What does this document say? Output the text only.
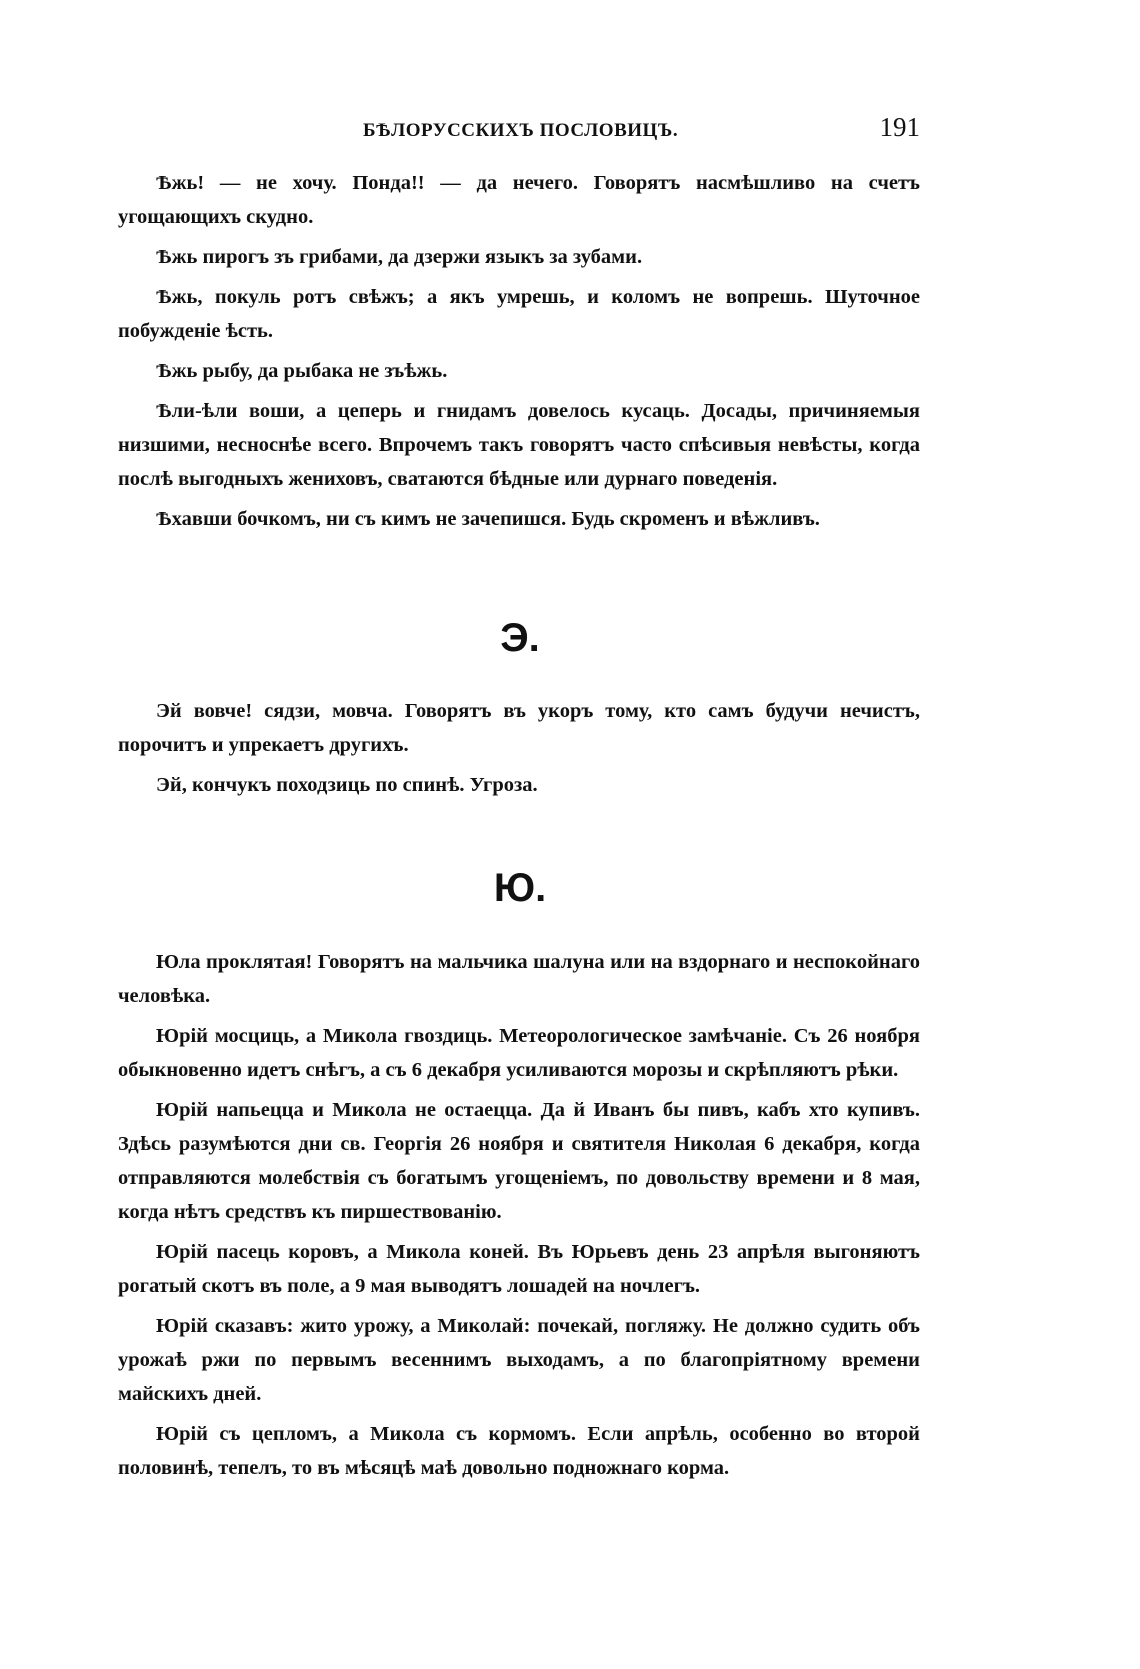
БѢЛОРУССКИХЪ ПОСЛОВИЦЪ.	191

Ѣжь! — не хочу. Понда!! — да нечего. Говорятъ насмѣшливо на счетъ угощающихъ скудно.

Ѣжь пирогъ зъ грибами, да дзержи языкъ за зубами.

Ѣжь, покуль ротъ свѣжъ; а якъ умрешь, и коломъ не вопрешь. Шуточное побужденіе ѣсть.

Ѣжь рыбу, да рыбака не зъѣжь.

Ѣли-ѣли воши, а цеперь и гнидамъ довелось кусаць. Досады, причиняемыя низшими, несноснѣе всего. Впрочемъ такъ говорятъ часто спѣсивыя невѣсты, когда послѣ выгодныхъ жениховъ, сватаются бѣдные или дурнаго поведенія.

Ѣхавши бочкомъ, ни съ кимъ не зачепишся. Будь скроменъ и вѣжливъ.

Э.

Эй вовче! сядзи, мовча. Говорятъ въ укоръ тому, кто самъ будучи нечистъ, порочитъ и упрекаетъ другихъ.

Эй, кончукъ походзиць по спинѣ. Угроза.

Ю.

Юла проклятая! Говорятъ на мальчика шалуна или на вздорнаго и неспокойнаго человѣка.

Юрій мосциць, а Микола гвоздиць. Метеорологическое замѣчаніе. Съ 26 ноября обыкновенно идетъ снѣгъ, а съ 6 декабря усиливаются морозы и скрѣпляютъ рѣки.

Юрій напьецца и Микола не остаецца. Да й Иванъ бы пивъ, кабъ хто купивъ. Здѣсь разумѣются дни св. Георгія 26 ноября и святителя Николая 6 декабря, когда отправляются молебствія съ богатымъ угощеніемъ, по довольству времени и 8 мая, когда нѣтъ средствъ къ пиршествованію.

Юрій пасець коровъ, а Микола коней. Въ Юрьевъ день 23 апрѣля выгоняютъ рогатый скотъ въ поле, а 9 мая выводятъ лошадей на ночлегъ.

Юрій сказавъ: жито урожу, а Миколай: почекай, погляжу. Не должно судить объ урожаѣ ржи по первымъ весеннимъ выходамъ, а по благопріятному времени майскихъ дней.

Юрій съ цепломъ, а Микола съ кормомъ. Если апрѣль, особенно во второй половинѣ, тепелъ, то въ мѣсяцѣ маѣ довольно подножнаго корма.
